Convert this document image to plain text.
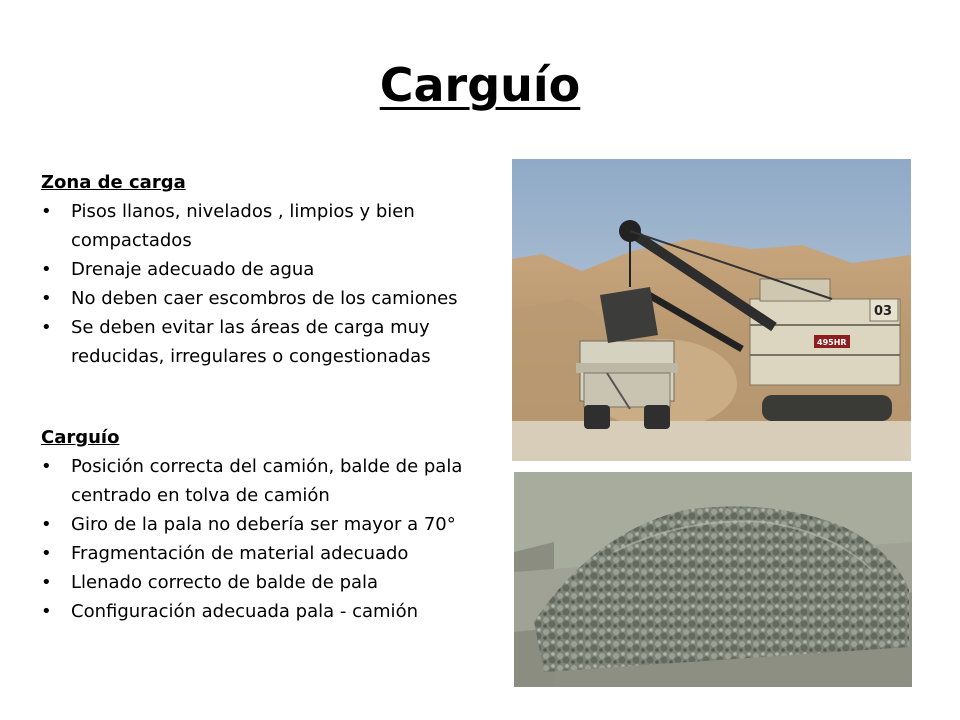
Carguío

Zona de carga

• Pisos llanos, nivelados , limpios y bien compactados
• Drenaje adecuado de agua
• No deben caer escombros de los camiones
• Se deben evitar las áreas de carga muy reducidas, irregulares o congestionadas

Carguío

• Posición correcta del camión, balde de pala centrado en tolva de camión
• Giro de la pala no debería ser mayor a 70°
• Fragmentación de material adecuado
• Llenado correcto de balde de pala
• Configuración adecuada pala - camión
03
495HR
